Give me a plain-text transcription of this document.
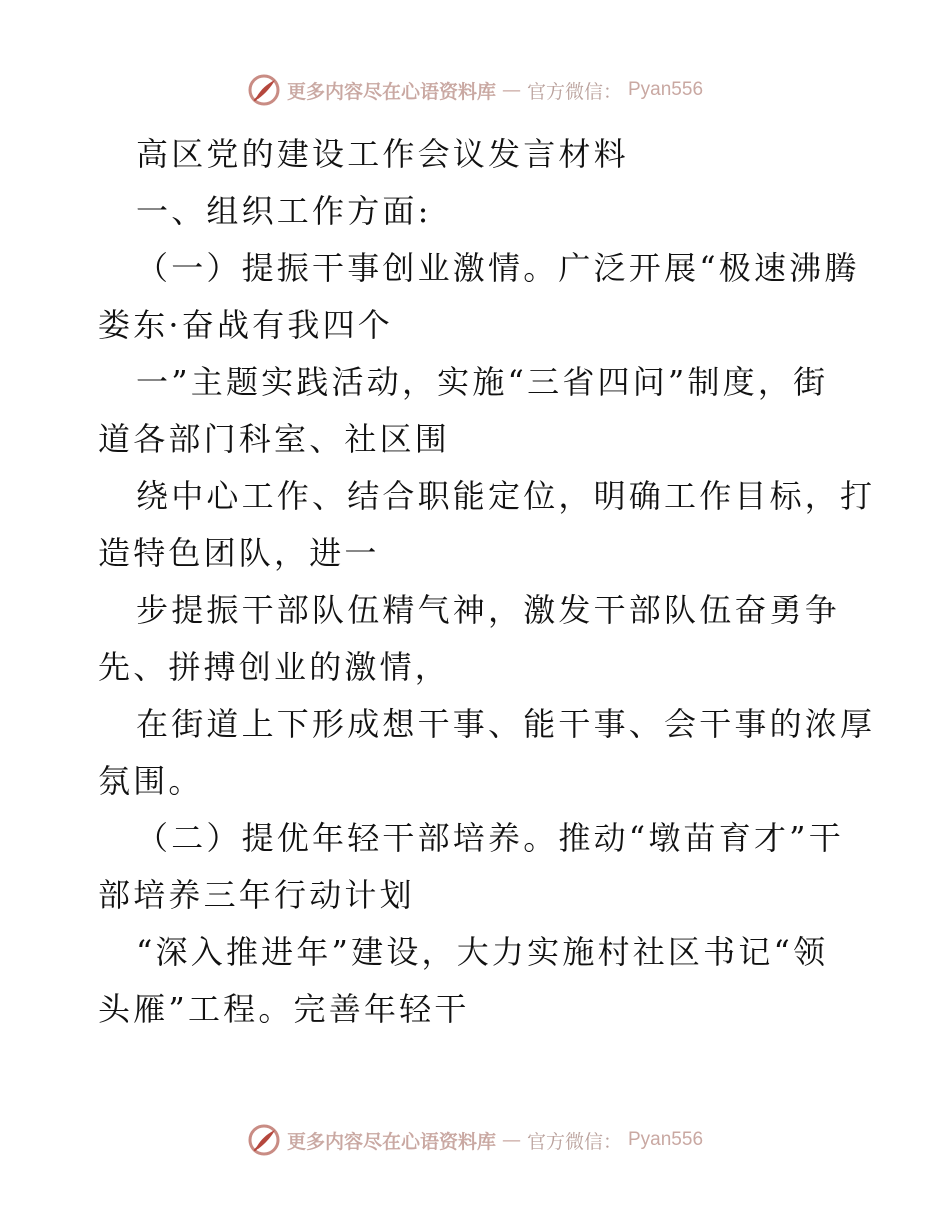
更多内容尽在心语资料库 — 官方微信： Pyan556
高区党的建设工作会议发言材料
一、组织工作方面:
（一）提振干事创业激情。广泛开展“极速沸腾
娄东·奋战有我四个
一”主题实践活动，实施“三省四问”制度，街
道各部门科室、社区围
绕中心工作、结合职能定位，明确工作目标，打
造特色团队，进一
步提振干部队伍精气神，激发干部队伍奋勇争
先、拼搏创业的激情，
在街道上下形成想干事、能干事、会干事的浓厚
氛围。
（二）提优年轻干部培养。推动“墩苗育才”干
部培养三年行动计划
“深入推进年”建设，大力实施村社区书记“领
头雁”工程。完善年轻干
更多内容尽在心语资料库 — 官方微信： Pyan556
